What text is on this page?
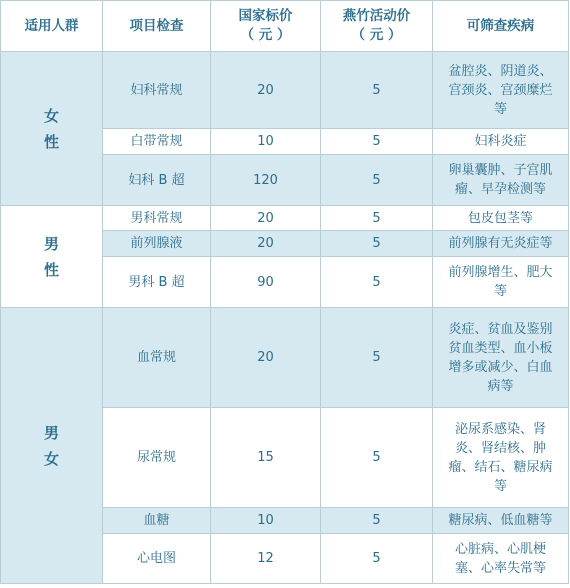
适用人群	项目检查	国家标价
（ 元 ）	燕竹活动价
（ 元 ）	可筛查疾病

女
性	妇科常规	20	5	盆腔炎、阴道炎、
宫颈炎、宫颈糜烂
等

	白带常规	10	5	妇科炎症

	妇科 B 超	120	5	卵巢囊肿、子宫肌
瘤、早孕检测等

男
性	男科常规	20	5	包皮包茎等

	前列腺液	20	5	前列腺有无炎症等

	男科 B 超	90	5	前列腺增生、肥大
等

男
女	血常规	20	5	炎症、贫血及鉴别
贫血类型、血小板
增多或减少、白血
病等

	尿常规	15	5	泌尿系感染、肾
炎、肾结核、肿
瘤、结石、糖尿病
等

	血糖	10	5	糖尿病、低血糖等

	心电图	12	5	心脏病、心肌梗
塞、心率失常等
